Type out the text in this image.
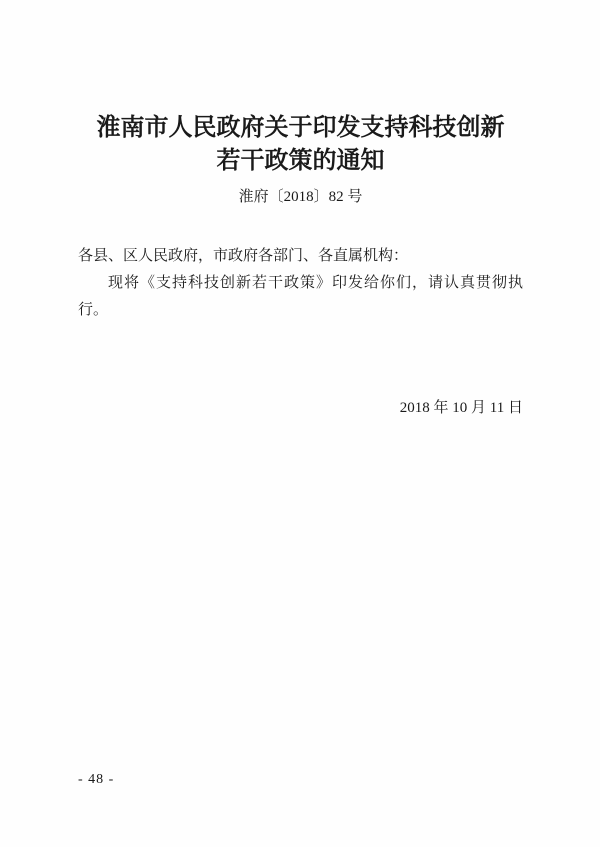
淮南市人民政府关于印发支持科技创新
若干政策的通知
淮府〔2018〕82 号

各县、区人民政府，市政府各部门、各直属机构：

现将《支持科技创新若干政策》印发给你们，请认真贯彻执行。

2018 年 10 月 11 日
- 48 -
